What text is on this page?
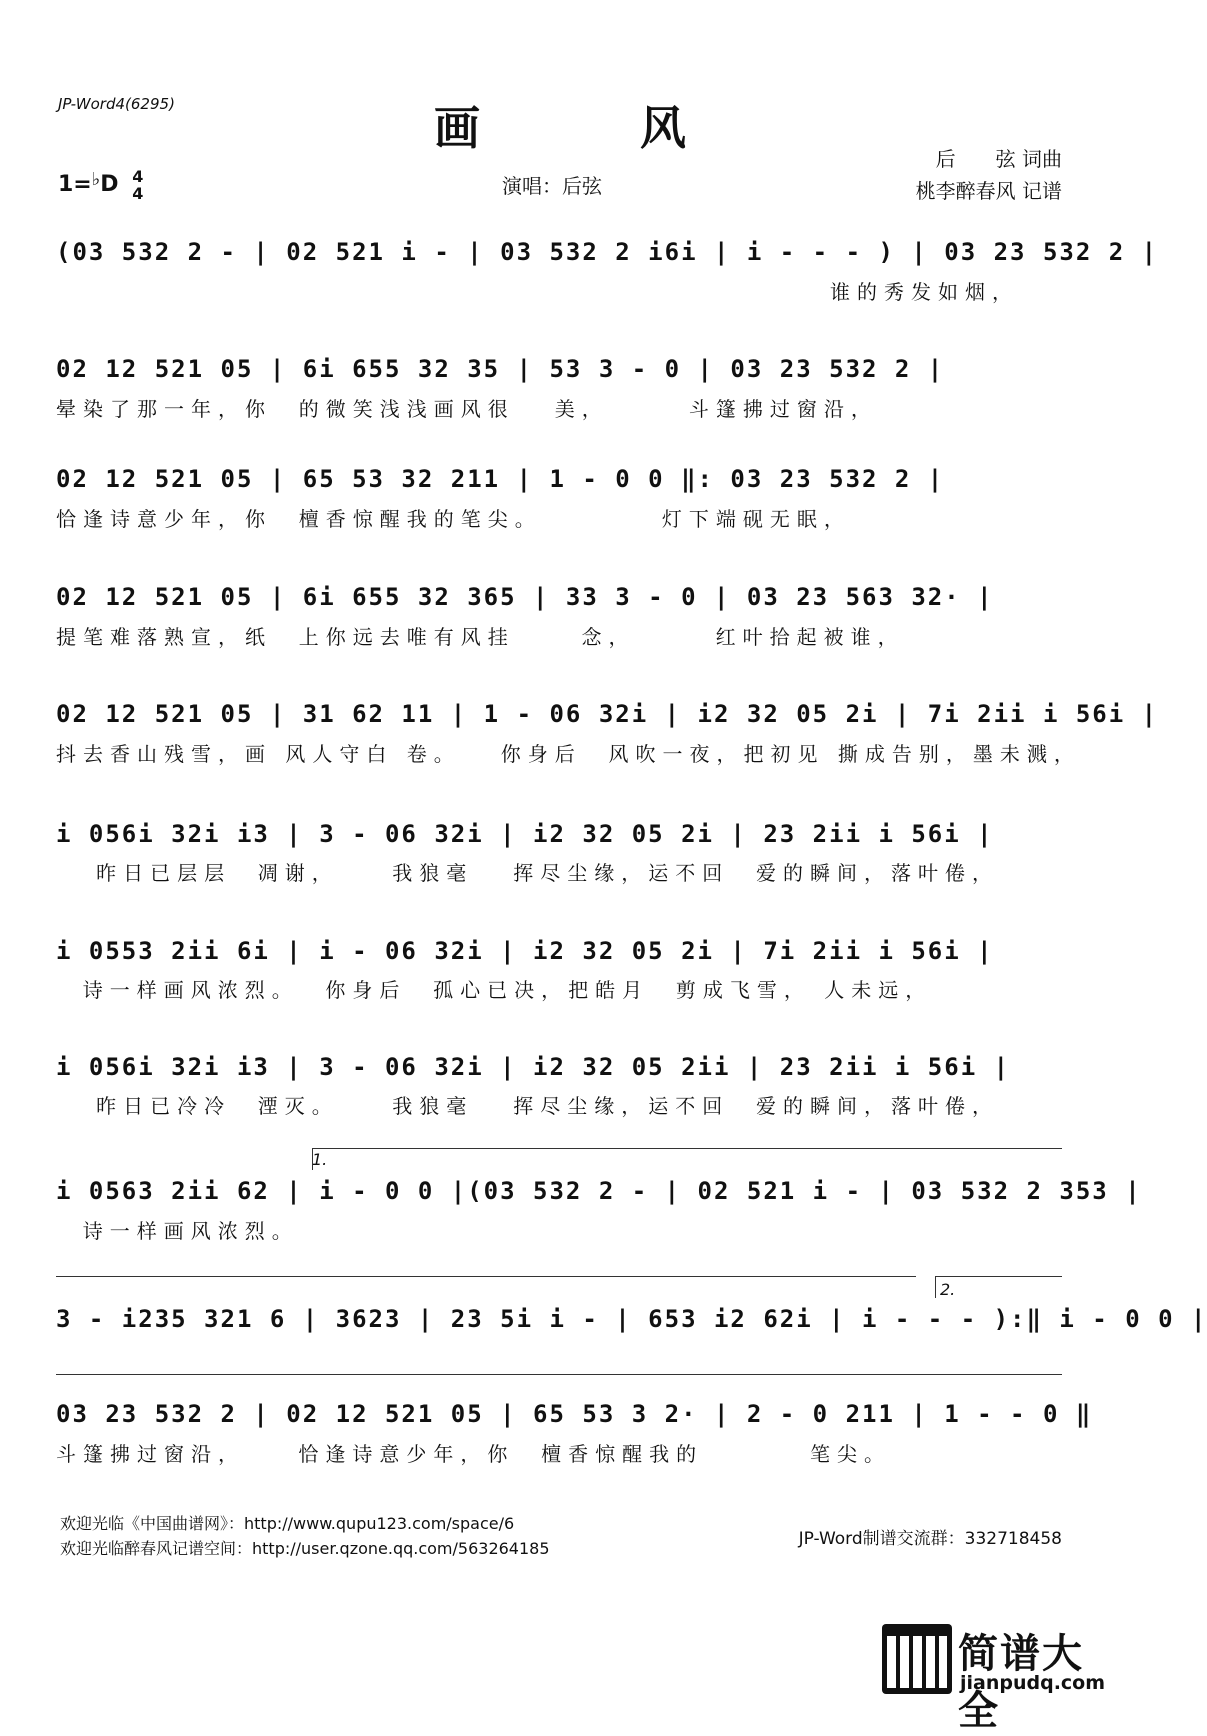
JP-Word4(6295)	画风
1=♭D 4
4	演唱：后弦
后　　弦 词曲
桃李醉春风 记谱
(03 532 2 - | 02 521 i - | 03 532 2 i6i | i - - - ) | 03 23 532 2 |
谁的秀发如烟，
02 12 521 05 | 6i 655 32 35 | 53 3 - 0 | 03 23 532 2 |
晕染了那一年，你  的微笑浅浅画风很   美，      斗篷拂过窗沿，
02 12 521 05 | 65 53 32 211 | 1 - 0 0 ‖: 03 23 532 2 |
恰逢诗意少年，你  檀香惊醒我的笔尖。         灯下端砚无眠，
02 12 521 05 | 6i 655 32 365 | 33 3 - 0 | 03 23 563 32· |
提笔难落熟宣，纸  上你远去唯有风挂     念，      红叶拾起被谁，
02 12 521 05 | 31 62 11 | 1 - 06 32i | i2 32 05 2i | 7i 2ii i 56i |
抖去香山残雪，画 风人守白 卷。   你身后  风吹一夜，把初见 撕成告别，墨未溅，
i 056i 32i i3 | 3 - 06 32i | i2 32 05 2i | 23 2ii i 56i |
昨日已层层  凋谢，    我狼毫   挥尽尘缘，运不回  爱的瞬间，落叶倦，
i 0553 2ii 6i | i - 06 32i | i2 32 05 2i | 7i 2ii i 56i |
诗一样画风浓烈。  你身后  孤心已决，把皓月  剪成飞雪， 人未远，
i 056i 32i i3 | 3 - 06 32i | i2 32 05 2ii | 23 2ii i 56i |
昨日已冷冷  湮灭。    我狼毫   挥尽尘缘，运不回  爱的瞬间，落叶倦，
1.
i 0563 2ii 62 | i - 0 0 |(03 532 2 - | 02 521 i - | 03 532 2 353 |
诗一样画风浓烈。
2.
3 - i235 321 6 | 3623 | 23 5i i - | 653 i2 62i | i - - - ):‖ i - 0 0 |
03 23 532 2 | 02 12 521 05 | 65 53 3 2· | 2 - 0 211 | 1 - - 0 ‖
斗篷拂过窗沿，    恰逢诗意少年，你  檀香惊醒我的        笔尖。
欢迎光临《中国曲谱网》：http://www.qupu123.com/space/6
欢迎光临醉春风记谱空间：http://user.qzone.qq.com/563264185	JP-Word制谱交流群：332718458
简谱大全
jianpudq.com
